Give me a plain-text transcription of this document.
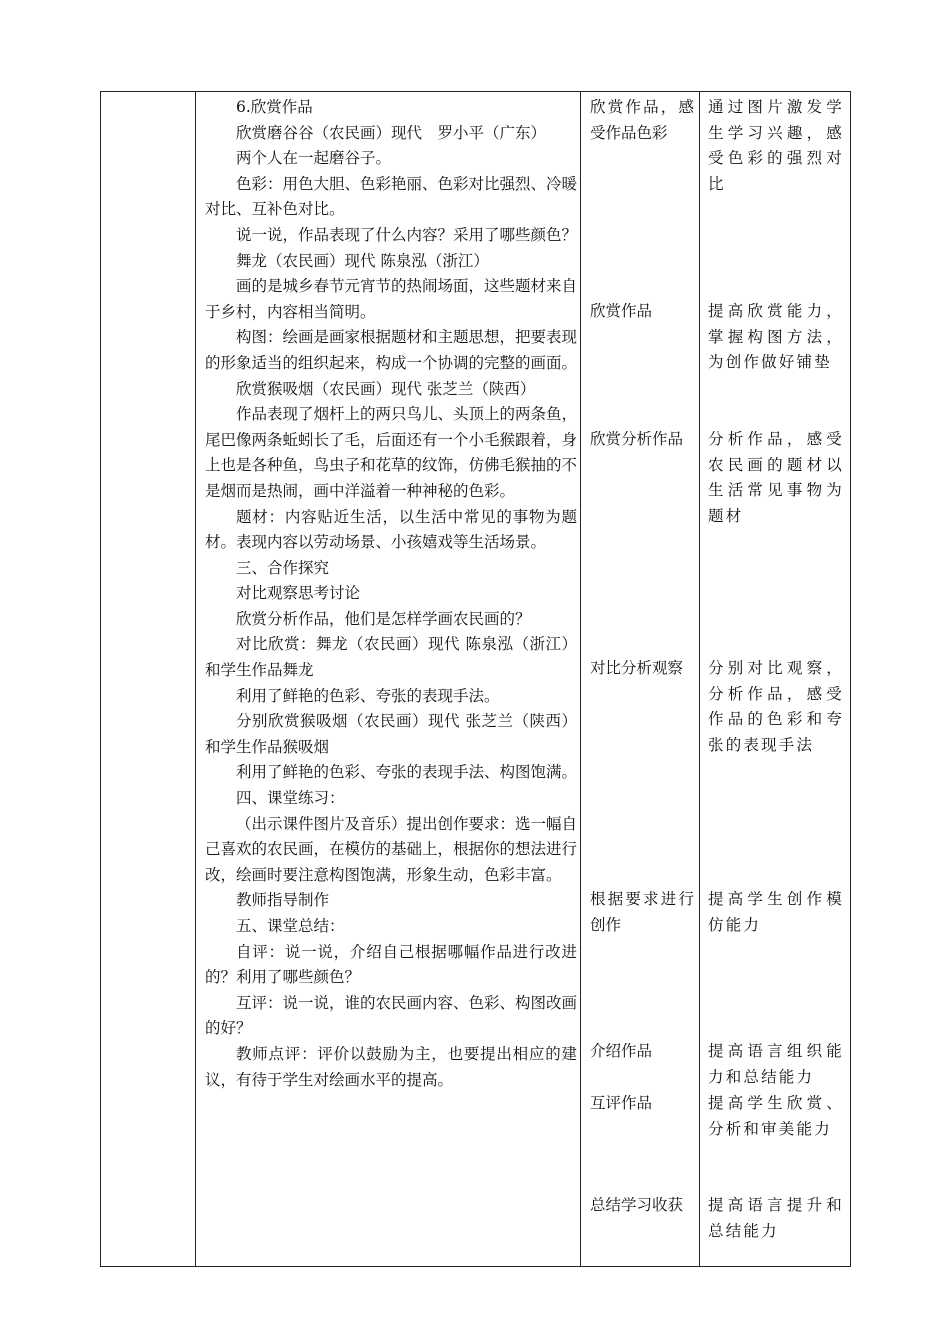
6.欣赏作品

欣赏磨谷谷（农民画）现代　罗小平（广东）

两个人在一起磨谷子。

色彩：用色大胆、色彩艳丽、色彩对比强烈、冷暖对比、互补色对比。

说一说，作品表现了什么内容？采用了哪些颜色？

舞龙（农民画）现代 陈泉泓（浙江）

画的是城乡春节元宵节的热闹场面，这些题材来自于乡村，内容相当简明。

构图：绘画是画家根据题材和主题思想，把要表现的形象适当的组织起来，构成一个协调的完整的画面。

欣赏猴吸烟（农民画）现代 张芝兰（陕西）

作品表现了烟杆上的两只鸟儿、头顶上的两条鱼，尾巴像两条蚯蚓长了毛，后面还有一个小毛猴跟着，身上也是各种鱼，鸟虫子和花草的纹饰，仿佛毛猴抽的不是烟而是热闹，画中洋溢着一种神秘的色彩。

题材：内容贴近生活，以生活中常见的事物为题材。表现内容以劳动场景、小孩嬉戏等生活场景。

三、合作探究

对比观察思考讨论

欣赏分析作品，他们是怎样学画农民画的？

对比欣赏：舞龙（农民画）现代 陈泉泓（浙江）和学生作品舞龙

利用了鲜艳的色彩、夸张的表现手法。

分别欣赏猴吸烟（农民画）现代 张芝兰（陕西）和学生作品猴吸烟

利用了鲜艳的色彩、夸张的表现手法、构图饱满。

四、课堂练习：

（出示课件图片及音乐）提出创作要求：选一幅自己喜欢的农民画，在模仿的基础上，根据你的想法进行改，绘画时要注意构图饱满，形象生动，色彩丰富。

教师指导制作

五、课堂总结：

自评：说一说，介绍自己根据哪幅作品进行改进的？利用了哪些颜色？

互评：说一说，谁的农民画内容、色彩、构图改画的好？

教师点评：评价以鼓励为主，也要提出相应的建议，有待于学生对绘画水平的提高。

欣赏作品，感受作品色彩
欣赏作品
欣赏分析作品
对比分析观察
根据要求进行创作
介绍作品
互评作品
总结学习收获
通过图片激发学生学习兴趣，感受色彩的强烈对比
提高欣赏能力，掌握构图方法，为创作做好铺垫
分析作品，感受农民画的题材以生活常见事物为题材
分别对比观察，分析作品，感受作品的色彩和夸张的表现手法
提高学生创作模仿能力
提高语言组织能力和总结能力
提高学生欣赏、分析和审美能力
提高语言提升和总结能力
